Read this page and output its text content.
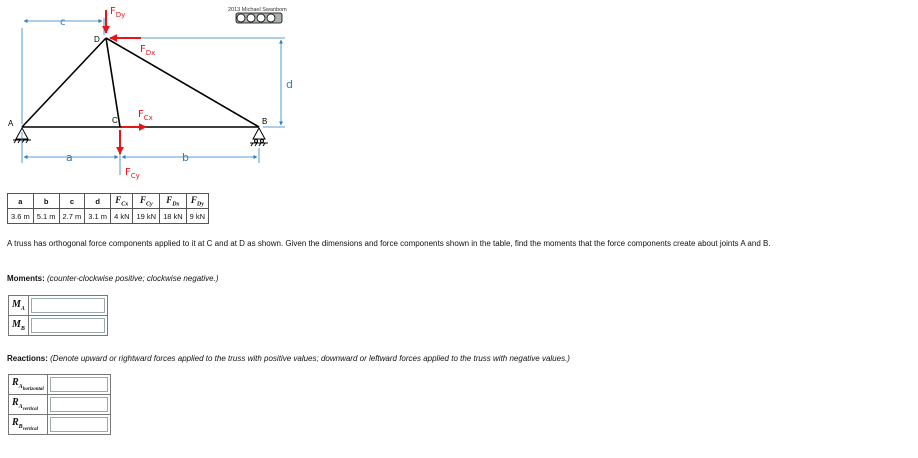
A	B
C
D
c
a	b
d
$F_{Dy}$
$F_{Dx}$
$F_{Cx}$
$F_{Cy}$
2013 Michael Swanbom
a	b	c	d	$F_{Cx}$	$F_{Cy}$	$F_{Dx}$	$F_{Dy}$
3.6 m	5.1 m	2.7 m	3.1 m	4 kN	19 kN	18 kN	9 kN
A truss has orthogonal force components applied to it at C and at D as shown. Given the dimensions and force components shown in the table, find the moments that the force components create about joints A and B.
Moments: (counter-clockwise positive; clockwise negative.)
$M_A$	

$M_B$	
Reactions: (Denote upward or rightward forces applied to the truss with positive values; downward or leftward forces applied to the truss with negative values.)
$R_{A_{horizontal}}$	

$R_{A_{vertical}}$	

$R_{B_{vertical}}$	
